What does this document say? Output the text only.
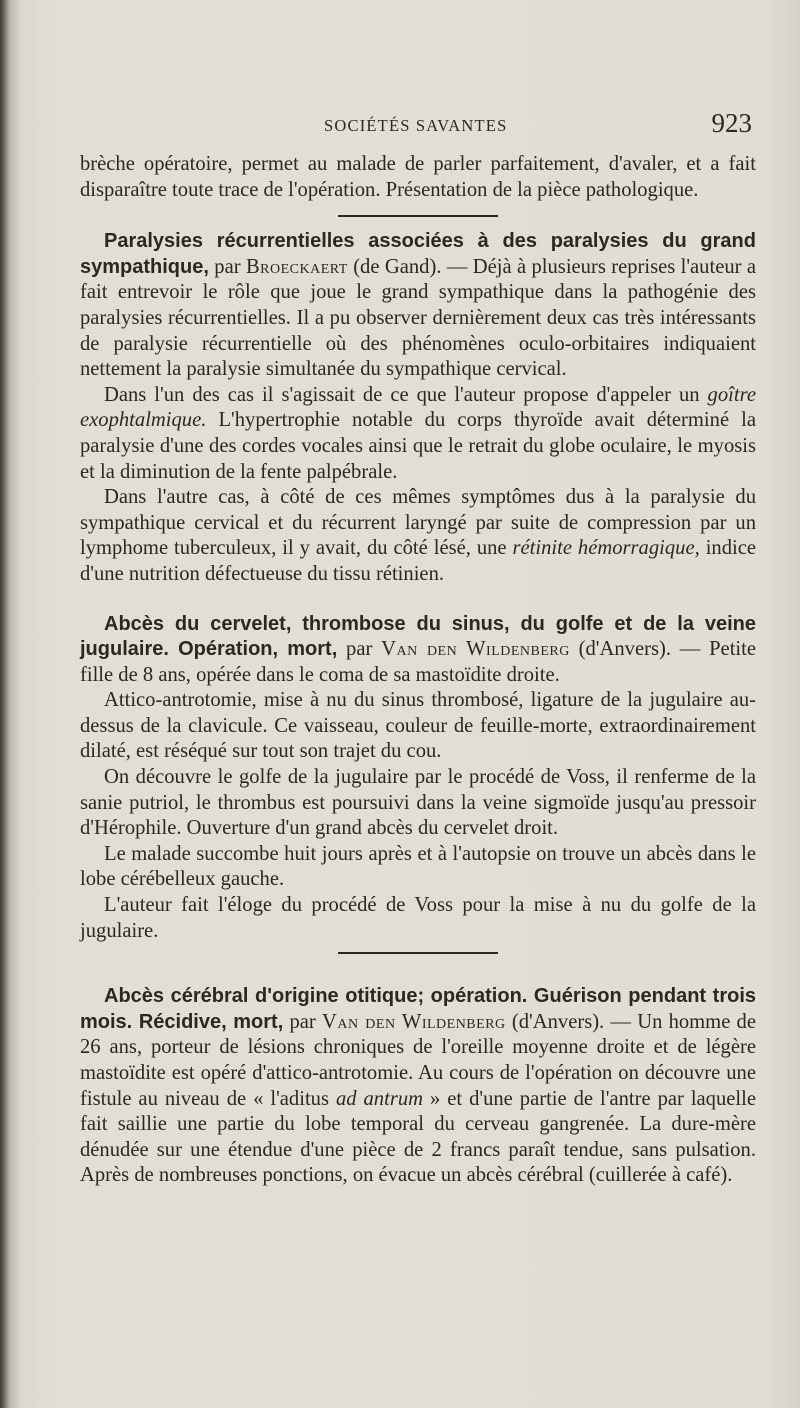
SOCIÉTÉS SAVANTES	923

brèche opératoire, permet au malade de parler parfaitement, d'avaler, et a fait disparaître toute trace de l'opération. Présentation de la pièce pathologique.

Paralysies récurrentielles associées à des paralysies du grand sympathique, par Broeckaert (de Gand). — Déjà à plusieurs reprises l'auteur a fait entrevoir le rôle que joue le grand sympathique dans la pathogénie des paralysies récurrentielles. Il a pu observer dernièrement deux cas très intéressants de paralysie récurrentielle où des phénomènes oculo-orbitaires indiquaient nettement la paralysie simultanée du sympathique cervical.

Dans l'un des cas il s'agissait de ce que l'auteur propose d'appeler un goître exophtalmique. L'hypertrophie notable du corps thyroïde avait déterminé la paralysie d'une des cordes vocales ainsi que le retrait du globe oculaire, le myosis et la diminution de la fente palpébrale.

Dans l'autre cas, à côté de ces mêmes symptômes dus à la paralysie du sympathique cervical et du récurrent laryngé par suite de compression par un lymphome tuberculeux, il y avait, du côté lésé, une rétinite hémorragique, indice d'une nutrition défectueuse du tissu rétinien.

Abcès du cervelet, thrombose du sinus, du golfe et de la veine jugulaire. Opération, mort, par Van den Wildenberg (d'Anvers). — Petite fille de 8 ans, opérée dans le coma de sa mastoïdite droite.

Attico-antrotomie, mise à nu du sinus thrombosé, ligature de la jugulaire au-dessus de la clavicule. Ce vaisseau, couleur de feuille-morte, extraordinairement dilaté, est réséqué sur tout son trajet du cou.

On découvre le golfe de la jugulaire par le procédé de Voss, il renferme de la sanie putriol, le thrombus est poursuivi dans la veine sigmoïde jusqu'au pressoir d'Hérophile. Ouverture d'un grand abcès du cervelet droit.

Le malade succombe huit jours après et à l'autopsie on trouve un abcès dans le lobe cérébelleux gauche.

L'auteur fait l'éloge du procédé de Voss pour la mise à nu du golfe de la jugulaire.

Abcès cérébral d'origine otitique; opération. Guérison pendant trois mois. Récidive, mort, par Van den Wildenberg (d'Anvers). — Un homme de 26 ans, porteur de lésions chroniques de l'oreille moyenne droite et de légère mastoïdite est opéré d'attico-antrotomie. Au cours de l'opération on découvre une fistule au niveau de « l'aditus ad antrum » et d'une partie de l'antre par laquelle fait saillie une partie du lobe temporal du cerveau gangrenée. La dure-mère dénudée sur une étendue d'une pièce de 2 francs paraît tendue, sans pulsation. Après de nombreuses ponctions, on évacue un abcès cérébral (cuillerée à café).
